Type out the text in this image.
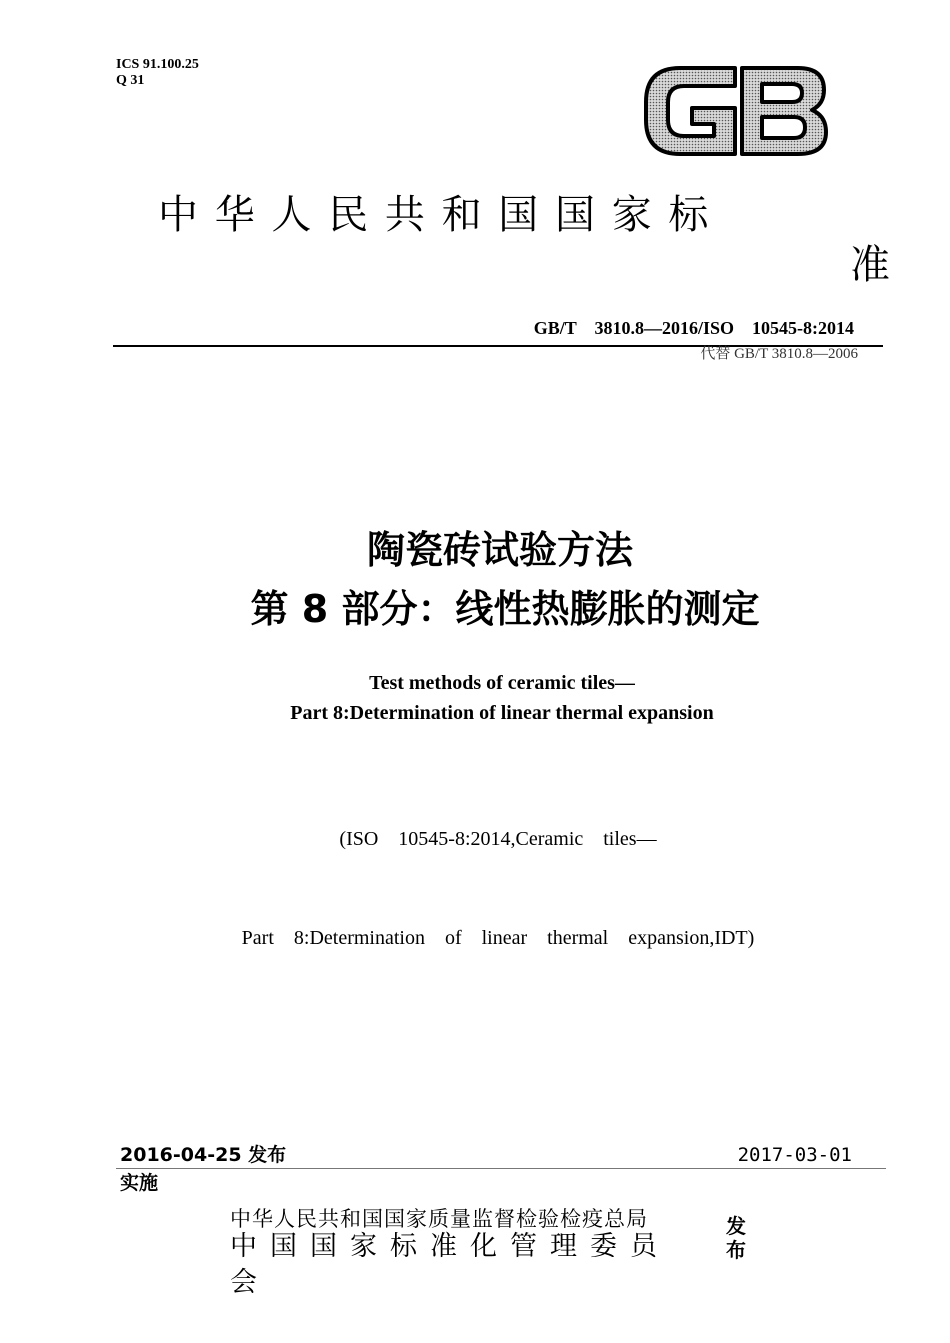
ICS 91.100.25
Q 31
中 华 人 民 共 和 国 国 家 标
准
GB/T    3810.8—2016/ISO    10545-8:2014
代替 GB/T 3810.8—2006
陶瓷砖试验方法
第 8 部分：线性热膨胀的测定
Test methods of ceramic tiles—
Part 8:Determination of linear thermal expansion

(ISO    10545-8:2014,Ceramic    tiles—

Part    8:Determination    of    linear    thermal    expansion,IDT)

2016-04-25 发布	2017-03-01
实施
中华人民共和国国家质量监督检验检疫总局
中国国家标准化管理委员会
发布
